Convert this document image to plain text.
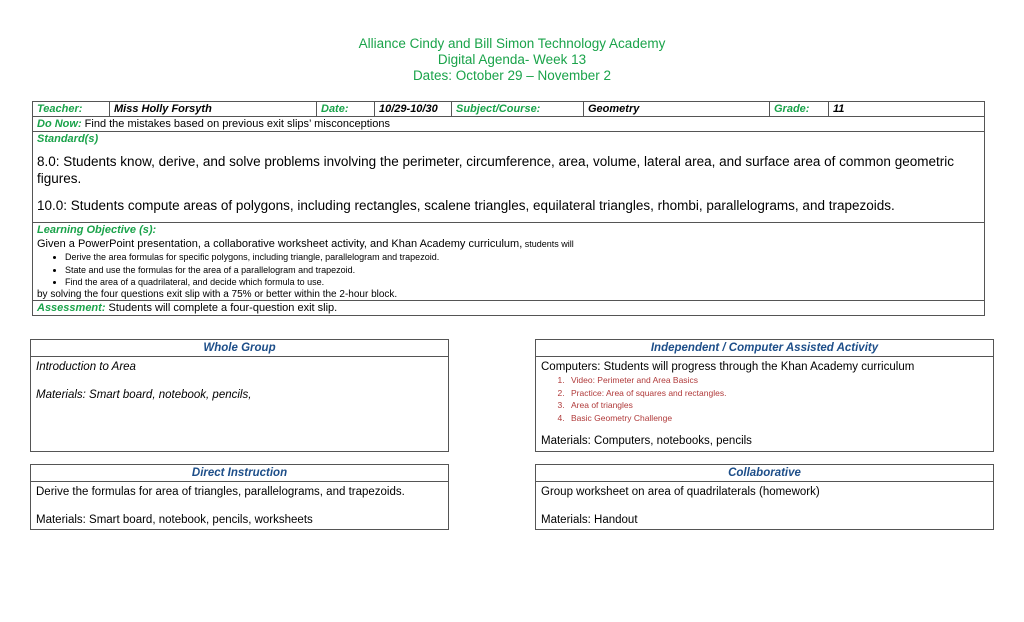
Alliance Cindy and Bill Simon Technology Academy
Digital Agenda- Week 13
Dates: October 29 – November 2
Teacher:	Miss Holly Forsyth	Date:	10/29-10/30	Subject/Course:	Geometry	Grade:	11
Do Now: Find the mistakes based on previous exit slips’ misconceptions

Standard(s)

8.0: Students know, derive, and solve problems involving the perimeter, circumference, area, volume, lateral area, and surface area of common geometric figures.

10.0: Students compute areas of polygons, including rectangles, scalene triangles, equilateral triangles, rhombi, parallelograms, and trapezoids.

Learning Objective (s):
Given a PowerPoint presentation, a collaborative worksheet activity, and Khan Academy curriculum, students will
• Derive the area formulas for specific polygons, including triangle, parallelogram and trapezoid.
• State and use the formulas for the area of a parallelogram and trapezoid.
• Find the area of a quadrilateral, and decide which formula to use.
by solving the four questions exit slip with a 75% or better within the 2-hour block.

Assessment: Students will complete a four-question exit slip.
Whole Group
Introduction to Area
Materials: Smart board, notebook, pencils,
Independent / Computer Assisted Activity
Computers: Students will progress through the Khan Academy curriculum
1. Video: Perimeter and Area Basics
2. Practice: Area of squares and rectangles.
3. Area of triangles
4. Basic Geometry Challenge
Materials: Computers, notebooks, pencils
Direct Instruction
Derive the formulas for area of triangles, parallelograms, and trapezoids.
Materials: Smart board, notebook, pencils, worksheets
Collaborative
Group worksheet on area of quadrilaterals (homework)
Materials: Handout
